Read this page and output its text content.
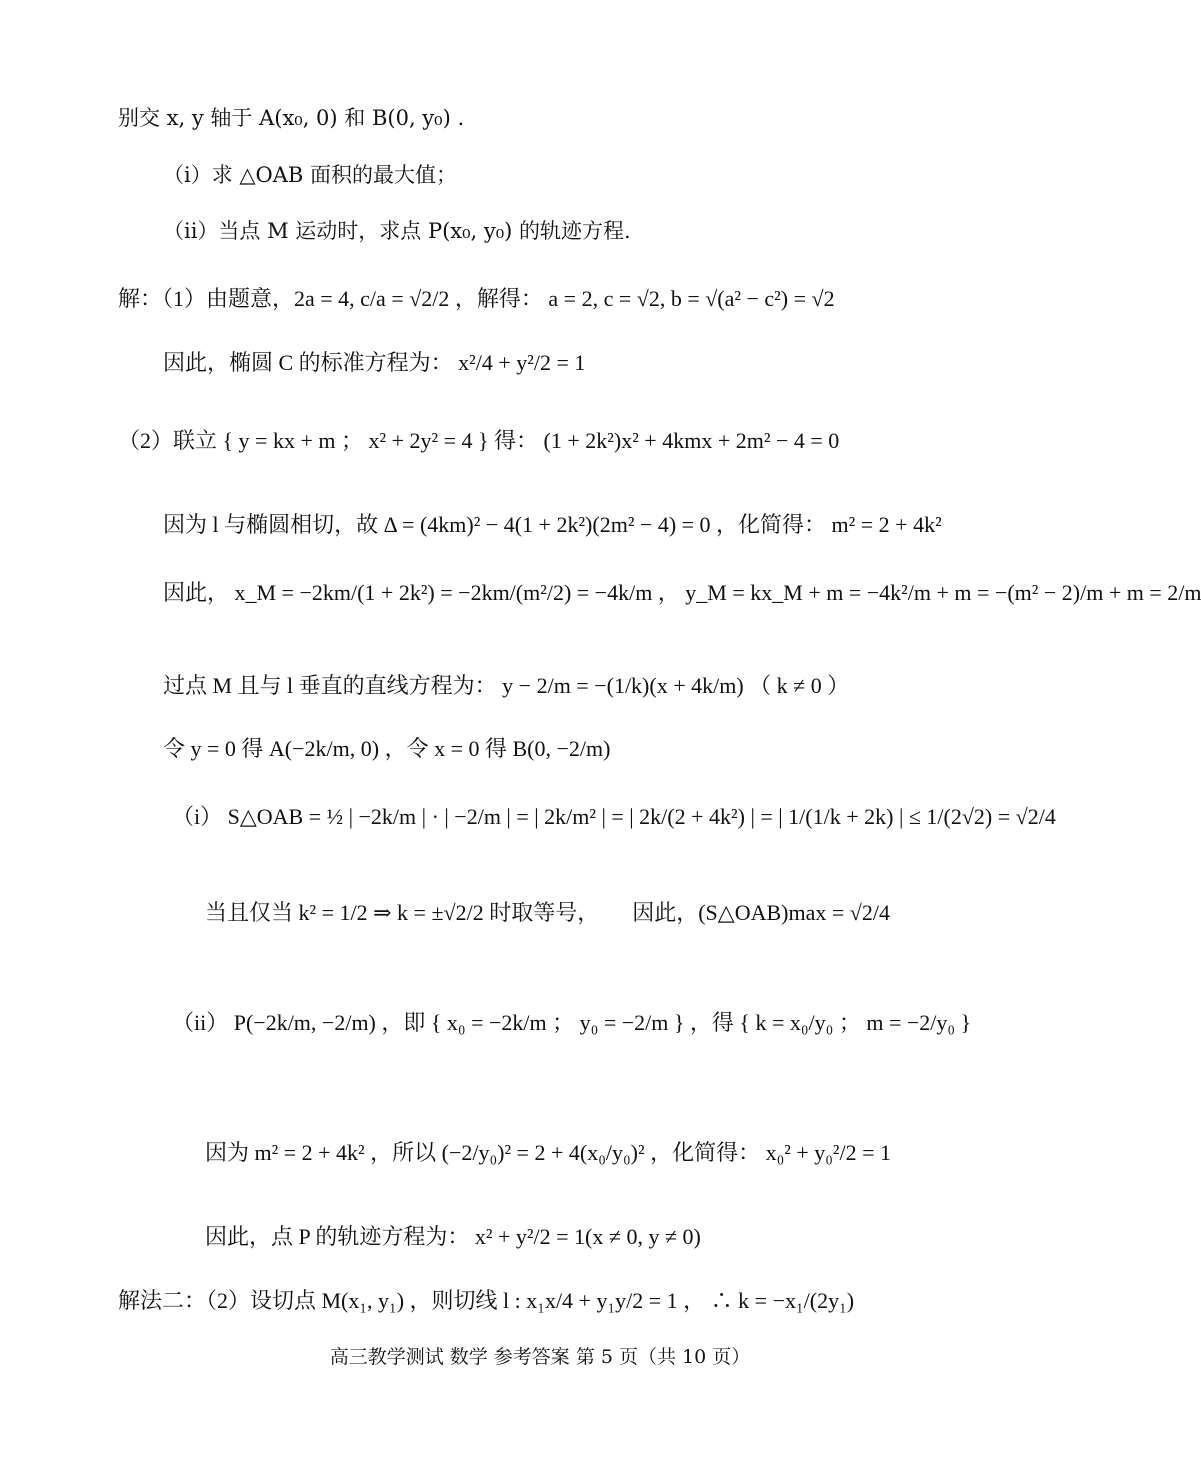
别交 x, y 轴于 A(x₀, 0) 和 B(0, y₀) .
（i）求 △OAB 面积的最大值；
（ii）当点 M 运动时，求点 P(x₀, y₀) 的轨迹方程.
解：（1）由题意，2a = 4, c/a = √2/2 ，解得： a = 2, c = √2, b = √(a² − c²) = √2
因此，椭圆 C 的标准方程为： x²/4 + y²/2 = 1
（2）联立 { y = kx + m ； x² + 2y² = 4 } 得： (1 + 2k²)x² + 4kmx + 2m² − 4 = 0
因为 l 与椭圆相切，故 Δ = (4km)² − 4(1 + 2k²)(2m² − 4) = 0 ，化简得： m² = 2 + 4k²
因此， x_M = −2km/(1 + 2k²) = −2km/(m²/2) = −4k/m ， y_M = kx_M + m = −4k²/m + m = −(m² − 2)/m + m = 2/m
过点 M 且与 l 垂直的直线方程为： y − 2/m = −(1/k)(x + 4k/m) （ k ≠ 0 ）
令 y = 0 得 A(−2k/m, 0) ，令 x = 0 得 B(0, −2/m)
（i） S△OAB = ½ | −2k/m | · | −2/m | = | 2k/m² | = | 2k/(2 + 4k²) | = | 1/(1/k + 2k) | ≤ 1/(2√2) = √2/4
当且仅当 k² = 1/2 ⇒ k = ±√2/2 时取等号，　　因此，(S△OAB)max = √2/4
（ii） P(−2k/m, −2/m) ，即 { x₀ = −2k/m ； y₀ = −2/m } ，得 { k = x₀/y₀ ； m = −2/y₀ }
因为 m² = 2 + 4k² ，所以 (−2/y₀)² = 2 + 4(x₀/y₀)² ，化简得： x₀² + y₀²/2 = 1
因此，点 P 的轨迹方程为： x² + y²/2 = 1(x ≠ 0, y ≠ 0)
解法二：（2）设切点 M(x₁, y₁) ，则切线 l : x₁x/4 + y₁y/2 = 1 ， ∴ k = −x₁/(2y₁)
高三教学测试 数学 参考答案 第 5 页（共 10 页）
